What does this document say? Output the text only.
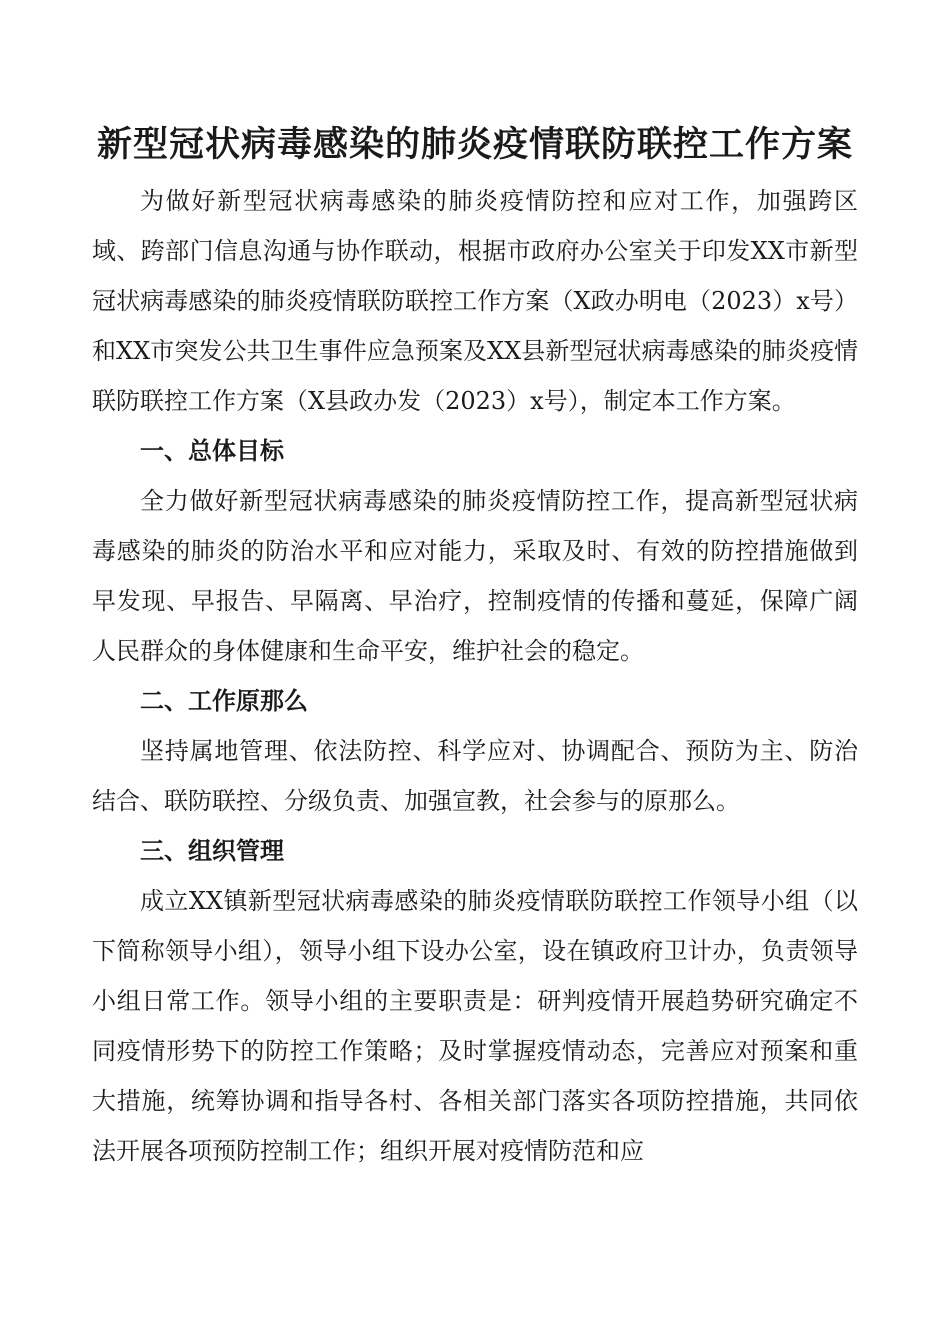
新型冠状病毒感染的肺炎疫情联防联控工作方案

为做好新型冠状病毒感染的肺炎疫情防控和应对工作，加强跨区域、跨部门信息沟通与协作联动，根据市政府办公室关于印发XX市新型冠状病毒感染的肺炎疫情联防联控工作方案（X政办明电（2023）x号）和XX市突发公共卫生事件应急预案及XX县新型冠状病毒感染的肺炎疫情联防联控工作方案（X县政办发（2023）x号），制定本工作方案。

一、总体目标

全力做好新型冠状病毒感染的肺炎疫情防控工作，提高新型冠状病毒感染的肺炎的防治水平和应对能力，采取及时、有效的防控措施做到早发现、早报告、早隔离、早治疗，控制疫情的传播和蔓延，保障广阔人民群众的身体健康和生命平安，维护社会的稳定。

二、工作原那么

坚持属地管理、依法防控、科学应对、协调配合、预防为主、防治结合、联防联控、分级负责、加强宣教，社会参与的原那么。

三、组织管理

成立XX镇新型冠状病毒感染的肺炎疫情联防联控工作领导小组（以下简称领导小组），领导小组下设办公室，设在镇政府卫计办，负责领导小组日常工作。领导小组的主要职责是：研判疫情开展趋势研究确定不同疫情形势下的防控工作策略；及时掌握疫情动态，完善应对预案和重大措施，统筹协调和指导各村、各相关部门落实各项防控措施，共同依法开展各项预防控制工作；组织开展对疫情防范和应
